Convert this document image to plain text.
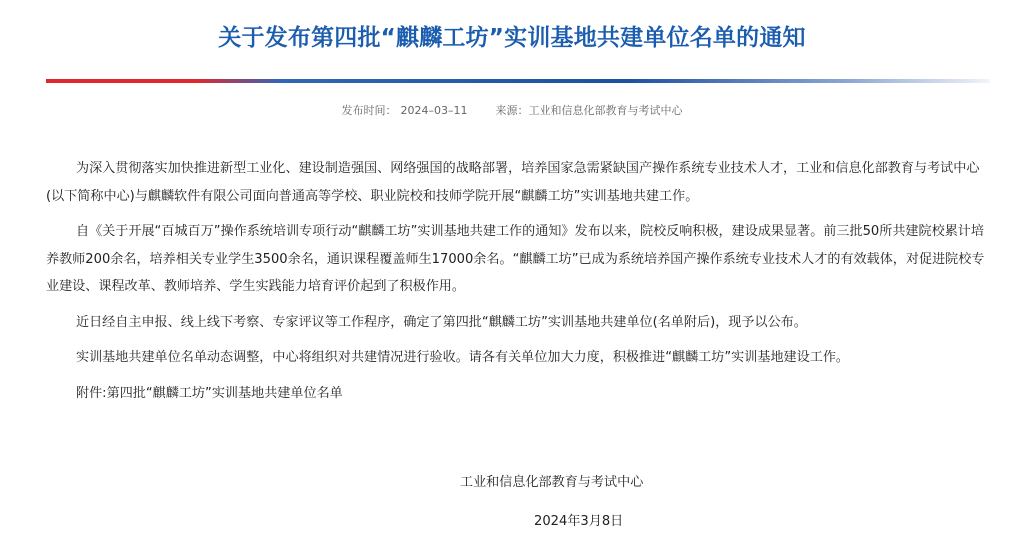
关于发布第四批“麒麟工坊”实训基地共建单位名单的通知
发布时间： 2024–03–11	来源：工业和信息化部教育与考试中心

为深入贯彻落实加快推进新型工业化、建设制造强国、网络强国的战略部署，培养国家急需紧缺国产操作系统专业技术人才，工业和信息化部教育与考试中心(以下简称中心)与麒麟软件有限公司面向普通高等学校、职业院校和技师学院开展“麒麟工坊”实训基地共建工作。

自《关于开展“百城百万”操作系统培训专项行动“麒麟工坊”实训基地共建工作的通知》发布以来，院校反响积极，建设成果显著。前三批50所共建院校累计培养教师200余名，培养相关专业学生3500余名，通识课程覆盖师生17000余名。“麒麟工坊”已成为系统培养国产操作系统专业技术人才的有效载体，对促进院校专业建设、课程改革、教师培养、学生实践能力培育评价起到了积极作用。

近日经自主申报、线上线下考察、专家评议等工作程序，确定了第四批“麒麟工坊”实训基地共建单位(名单附后)，现予以公布。

实训基地共建单位名单动态调整，中心将组织对共建情况进行验收。请各有关单位加大力度，积极推进“麒麟工坊”实训基地建设工作。

附件:第四批“麒麟工坊”实训基地共建单位名单

工业和信息化部教育与考试中心
2024年3月8日
